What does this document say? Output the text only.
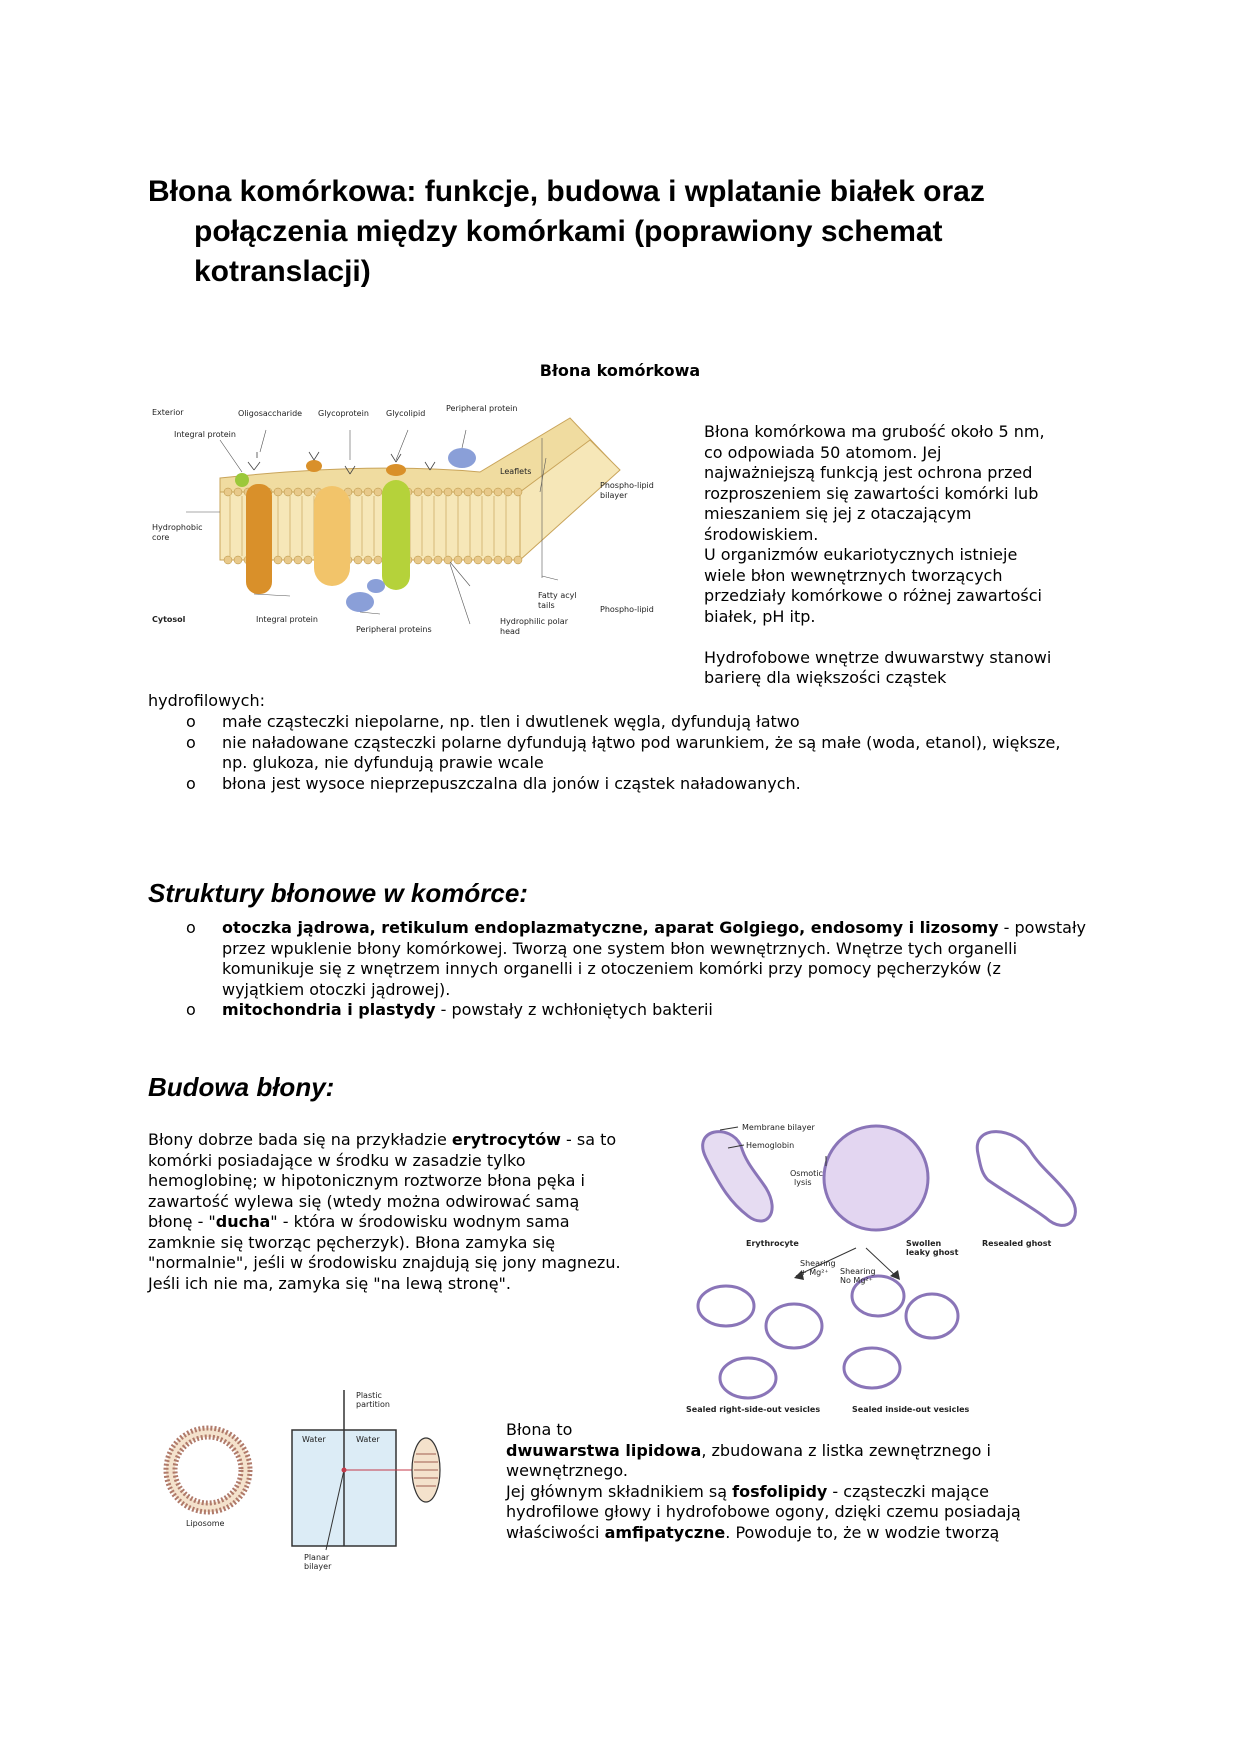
Błona komórkowa: funkcje, budowa i wplatanie białek oraz
połączenia między komórkami (poprawiony schemat
kotranslacji)
Błona komórkowa
Exterior
Integral protein
Oligosaccharide Glycoprotein Glycolipid
Peripheral protein
Leaflets
Phospho-lipid
bilayer
Hydrophobic
core
Fatty acyl
tails	Phospho-lipid
Cytosol	Integral protein
Peripheral proteins
Hydrophilic polar
head

Błona komórkowa ma grubość około 5 nm,

co odpowiada 50 atomom. Jej

najważniejszą funkcją jest ochrona przed

rozproszeniem się zawartości komórki lub

mieszaniem się jej z otaczającym

środowiskiem.

U organizmów eukariotycznych istnieje

wiele błon wewnętrznych tworzących

przedziały komórkowe o różnej zawartości

białek, pH itp.

Hydrofobowe wnętrze dwuwarstwy stanowi

barierę dla większości cząstek

hydrofilowych:

o małe cząsteczki niepolarne, np. tlen i dwutlenek węgla, dyfundują łatwo
o nie naładowane cząsteczki polarne dyfundują łątwo pod warunkiem, że są małe (woda, etanol), większe, np. glukoza, nie dyfundują prawie wcale
o błona jest wysoce nieprzepuszczalna dla jonów i cząstek naładowanych.
Struktury błonowe w komórce:
o otoczka jądrowa, retikulum endoplazmatyczne, aparat Golgiego, endosomy i lizosomy - powstały przez wpuklenie błony komórkowej. Tworzą one system błon wewnętrznych. Wnętrze tych organelli komunikuje się z wnętrzem innych organelli i z otoczeniem komórki przy pomocy pęcherzyków (z wyjątkiem otoczki jądrowej).
o mitochondria i plastydy - powstały z wchłoniętych bakterii
Budowa błony:

Błony dobrze bada się na przykładzie erytrocytów - sa to

komórki posiadające w środku w zasadzie tylko

hemoglobinę; w hipotonicznym roztworze błona pęka i

zawartość wylewa się (wtedy można odwirować samą

błonę - "ducha" - która w środowisku wodnym sama

zamknie się tworząc pęcherzyk). Błona zamyka się

"normalnie", jeśli w środowisku znajdują się jony magnezu.

Jeśli ich nie ma, zamyka się "na lewą stronę".

Membrane bilayer
Hemoglobin
Osmotic
lysis
Erythrocyte	Swollen
leaky ghost
Resealed ghost
Shearing
+ Mg²⁺ Shearing
No Mg²⁺
Sealed right-side-out vesicles	Sealed inside-out vesicles
Liposome
Plastic
partition
Water	Water
Planar
bilayer

Błona to

dwuwarstwa lipidowa, zbudowana z listka zewnętrznego i

wewnętrznego.

Jej głównym składnikiem są fosfolipidy - cząsteczki mające

hydrofilowe głowy i hydrofobowe ogony, dzięki czemu posiadają

właściwości amfipatyczne. Powoduje to, że w wodzie tworzą
